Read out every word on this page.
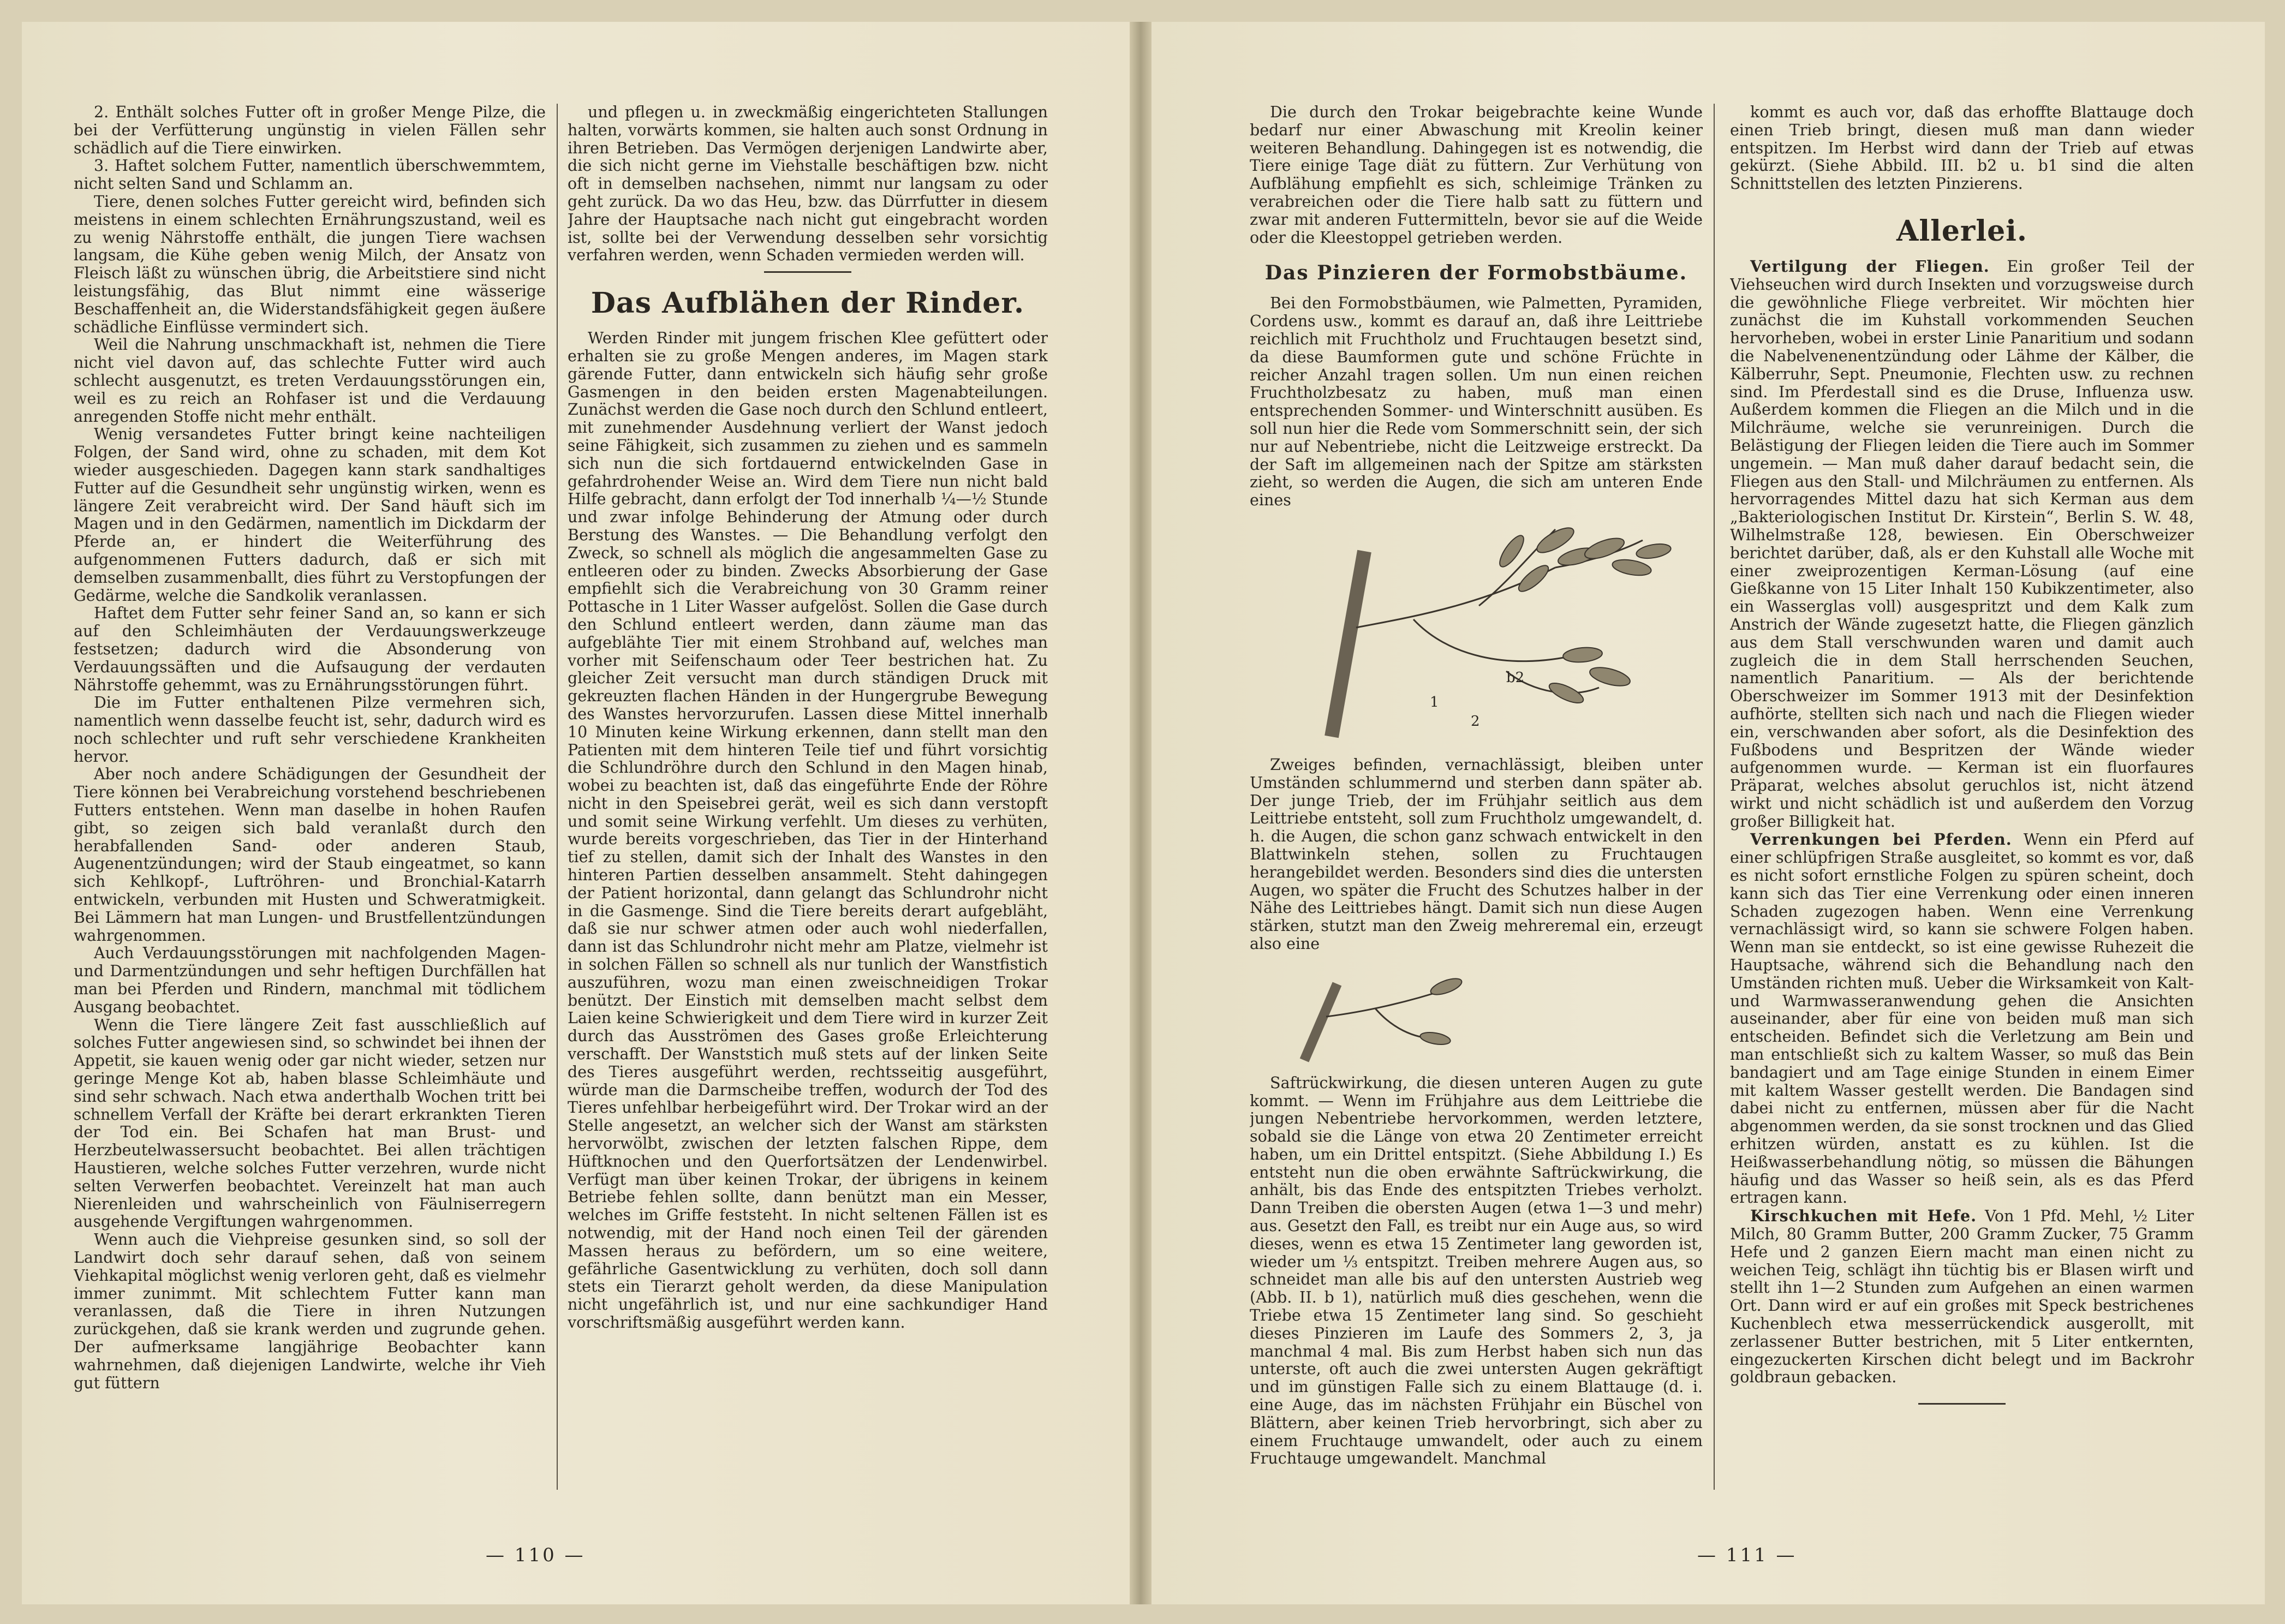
2. Enthält solches Futter oft in großer Menge Pilze, die bei der Verfütterung ungünstig in vielen Fällen sehr schädlich auf die Tiere einwirken.

3. Haftet solchem Futter, namentlich überschwemmtem, nicht selten Sand und Schlamm an.

Tiere, denen solches Futter gereicht wird, befinden sich meistens in einem schlechten Ernährungszustand, weil es zu wenig Nährstoffe enthält, die jungen Tiere wachsen langsam, die Kühe geben wenig Milch, der Ansatz von Fleisch läßt zu wünschen übrig, die Arbeitstiere sind nicht leistungsfähig, das Blut nimmt eine wässerige Beschaffenheit an, die Widerstandsfähigkeit gegen äußere schädliche Einflüsse vermindert sich.

Weil die Nahrung unschmackhaft ist, nehmen die Tiere nicht viel davon auf, das schlechte Futter wird auch schlecht ausgenutzt, es treten Verdauungsstörungen ein, weil es zu reich an Rohfaser ist und die Verdauung anregenden Stoffe nicht mehr enthält.

Wenig versandetes Futter bringt keine nachteiligen Folgen, der Sand wird, ohne zu schaden, mit dem Kot wieder ausgeschieden. Dagegen kann stark sandhaltiges Futter auf die Gesundheit sehr ungünstig wirken, wenn es längere Zeit verabreicht wird. Der Sand häuft sich im Magen und in den Gedärmen, namentlich im Dickdarm der Pferde an, er hindert die Weiterführung des aufgenommenen Futters dadurch, daß er sich mit demselben zusammenballt, dies führt zu Verstopfungen der Gedärme, welche die Sandkolik veranlassen.

Haftet dem Futter sehr feiner Sand an, so kann er sich auf den Schleimhäuten der Verdauungswerkzeuge festsetzen; dadurch wird die Absonderung von Verdauungssäften und die Aufsaugung der verdauten Nährstoffe gehemmt, was zu Ernährungsstörungen führt.

Die im Futter enthaltenen Pilze vermehren sich, namentlich wenn dasselbe feucht ist, sehr, dadurch wird es noch schlechter und ruft sehr verschiedene Krankheiten hervor.

Aber noch andere Schädigungen der Gesundheit der Tiere können bei Verabreichung vorstehend beschriebenen Futters entstehen. Wenn man daselbe in hohen Raufen gibt, so zeigen sich bald veranlaßt durch den herabfallenden Sand- oder anderen Staub, Augenentzündungen; wird der Staub eingeatmet, so kann sich Kehlkopf-, Luftröhren- und Bronchial-Katarrh entwickeln, verbunden mit Husten und Schweratmigkeit. Bei Lämmern hat man Lungen- und Brustfellentzündungen wahrgenommen.

Auch Verdauungsstörungen mit nachfolgenden Magen- und Darmentzündungen und sehr heftigen Durchfällen hat man bei Pferden und Rindern, manchmal mit tödlichem Ausgang beobachtet.

Wenn die Tiere längere Zeit fast ausschließlich auf solches Futter angewiesen sind, so schwindet bei ihnen der Appetit, sie kauen wenig oder gar nicht wieder, setzen nur geringe Menge Kot ab, haben blasse Schleimhäute und sind sehr schwach. Nach etwa anderthalb Wochen tritt bei schnellem Verfall der Kräfte bei derart erkrankten Tieren der Tod ein. Bei Schafen hat man Brust- und Herzbeutelwassersucht beobachtet. Bei allen trächtigen Haustieren, welche solches Futter verzehren, wurde nicht selten Verwerfen beobachtet. Vereinzelt hat man auch Nierenleiden und wahrscheinlich von Fäulniserregern ausgehende Vergiftungen wahrgenommen.

Wenn auch die Viehpreise gesunken sind, so soll der Landwirt doch sehr darauf sehen, daß von seinem Viehkapital möglichst wenig verloren geht, daß es vielmehr immer zunimmt. Mit schlechtem Futter kann man veranlassen, daß die Tiere in ihren Nutzungen zurückgehen, daß sie krank werden und zugrunde gehen. Der aufmerksame langjährige Beobachter kann wahrnehmen, daß diejenigen Landwirte, welche ihr Vieh gut füttern

und pflegen u. in zweckmäßig eingerichteten Stallungen halten, vorwärts kommen, sie halten auch sonst Ordnung in ihren Betrieben. Das Vermögen derjenigen Landwirte aber, die sich nicht gerne im Viehstalle beschäftigen bzw. nicht oft in demselben nachsehen, nimmt nur langsam zu oder geht zurück. Da wo das Heu, bzw. das Dürrfutter in diesem Jahre der Hauptsache nach nicht gut eingebracht worden ist, sollte bei der Verwendung desselben sehr vorsichtig verfahren werden, wenn Schaden vermieden werden will.

Das Aufblähen der Rinder.

Werden Rinder mit jungem frischen Klee gefüttert oder erhalten sie zu große Mengen anderes, im Magen stark gärende Futter, dann entwickeln sich häufig sehr große Gasmengen in den beiden ersten Magenabteilungen. Zunächst werden die Gase noch durch den Schlund entleert, mit zunehmender Ausdehnung verliert der Wanst jedoch seine Fähigkeit, sich zusammen zu ziehen und es sammeln sich nun die sich fortdauernd entwickelnden Gase in gefahrdrohender Weise an. Wird dem Tiere nun nicht bald Hilfe gebracht, dann erfolgt der Tod innerhalb ¼—½ Stunde und zwar infolge Behinderung der Atmung oder durch Berstung des Wanstes. — Die Behandlung verfolgt den Zweck, so schnell als möglich die angesammelten Gase zu entleeren oder zu binden. Zwecks Absorbierung der Gase empfiehlt sich die Verabreichung von 30 Gramm reiner Pottasche in 1 Liter Wasser aufgelöst. Sollen die Gase durch den Schlund entleert werden, dann zäume man das aufgeblähte Tier mit einem Strohband auf, welches man vorher mit Seifenschaum oder Teer bestrichen hat. Zu gleicher Zeit versucht man durch ständigen Druck mit gekreuzten flachen Händen in der Hungergrube Bewegung des Wanstes hervorzurufen. Lassen diese Mittel innerhalb 10 Minuten keine Wirkung erkennen, dann stellt man den Patienten mit dem hinteren Teile tief und führt vorsichtig die Schlundröhre durch den Schlund in den Magen hinab, wobei zu beachten ist, daß das eingeführte Ende der Röhre nicht in den Speisebrei gerät, weil es sich dann verstopft und somit seine Wirkung verfehlt. Um dieses zu verhüten, wurde bereits vorgeschrieben, das Tier in der Hinterhand tief zu stellen, damit sich der Inhalt des Wanstes in den hinteren Partien desselben ansammelt. Steht dahingegen der Patient horizontal, dann gelangt das Schlundrohr nicht in die Gasmenge. Sind die Tiere bereits derart aufgebläht, daß sie nur schwer atmen oder auch wohl niederfallen, dann ist das Schlundrohr nicht mehr am Platze, vielmehr ist in solchen Fällen so schnell als nur tunlich der Wanstfistich auszuführen, wozu man einen zweischneidigen Trokar benützt. Der Einstich mit demselben macht selbst dem Laien keine Schwierigkeit und dem Tiere wird in kurzer Zeit durch das Ausströmen des Gases große Erleichterung verschafft. Der Wanststich muß stets auf der linken Seite des Tieres ausgeführt werden, rechtsseitig ausgeführt, würde man die Darmscheibe treffen, wodurch der Tod des Tieres unfehlbar herbeigeführt wird. Der Trokar wird an der Stelle angesetzt, an welcher sich der Wanst am stärksten hervorwölbt, zwischen der letzten falschen Rippe, dem Hüftknochen und den Querfortsätzen der Lendenwirbel. Verfügt man über keinen Trokar, der übrigens in keinem Betriebe fehlen sollte, dann benützt man ein Messer, welches im Griffe feststeht. In nicht seltenen Fällen ist es notwendig, mit der Hand noch einen Teil der gärenden Massen heraus zu befördern, um so eine weitere, gefährliche Gasentwicklung zu verhüten, doch soll dann stets ein Tierarzt geholt werden, da diese Manipulation nicht ungefährlich ist, und nur eine sachkundiger Hand vorschriftsmäßig ausgeführt werden kann.

— 110 —

Die durch den Trokar beigebrachte keine Wunde bedarf nur einer Abwaschung mit Kreolin keiner weiteren Behandlung. Dahingegen ist es notwendig, die Tiere einige Tage diät zu füttern. Zur Verhütung von Aufblähung empfiehlt es sich, schleimige Tränken zu verabreichen oder die Tiere halb satt zu füttern und zwar mit anderen Futtermitteln, bevor sie auf die Weide oder die Kleestoppel getrieben werden.

Das Pinzieren der Formobstbäume.

Bei den Formobstbäumen, wie Palmetten, Pyramiden, Cordens usw., kommt es darauf an, daß ihre Leittriebe reichlich mit Fruchtholz und Fruchtaugen besetzt sind, da diese Baumformen gute und schöne Früchte in reicher Anzahl tragen sollen. Um nun einen reichen Fruchtholzbesatz zu haben, muß man einen entsprechenden Sommer- und Winterschnitt ausüben. Es soll nun hier die Rede vom Sommerschnitt sein, der sich nur auf Nebentriebe, nicht die Leitzweige erstreckt. Da der Saft im allgemeinen nach der Spitze am stärksten zieht, so werden die Augen, die sich am unteren Ende eines

b2
1
2

Zweiges befinden, vernachlässigt, bleiben unter Umständen schlummernd und sterben dann später ab. Der junge Trieb, der im Frühjahr seitlich aus dem Leittriebe entsteht, soll zum Fruchtholz umgewandelt, d. h. die Augen, die schon ganz schwach entwickelt in den Blattwinkeln stehen, sollen zu Fruchtaugen herangebildet werden. Besonders sind dies die untersten Augen, wo später die Frucht des Schutzes halber in der Nähe des Leittriebes hängt. Damit sich nun diese Augen stärken, stutzt man den Zweig mehreremal ein, erzeugt also eine

Saftrückwirkung, die diesen unteren Augen zu gute kommt. — Wenn im Frühjahre aus dem Leittriebe die jungen Nebentriebe hervorkommen, werden letztere, sobald sie die Länge von etwa 20 Zentimeter erreicht haben, um ein Drittel entspitzt. (Siehe Abbildung I.) Es entsteht nun die oben erwähnte Saftrückwirkung, die anhält, bis das Ende des entspitzten Triebes verholzt. Dann Treiben die obersten Augen (etwa 1—3 und mehr) aus. Gesetzt den Fall, es treibt nur ein Auge aus, so wird dieses, wenn es etwa 15 Zentimeter lang geworden ist, wieder um ⅓ entspitzt. Treiben mehrere Augen aus, so schneidet man alle bis auf den untersten Austrieb weg (Abb. II. b 1), natürlich muß dies geschehen, wenn die Triebe etwa 15 Zentimeter lang sind. So geschieht dieses Pinzieren im Laufe des Sommers 2, 3, ja manchmal 4 mal. Bis zum Herbst haben sich nun das unterste, oft auch die zwei untersten Augen gekräftigt und im günstigen Falle sich zu einem Blattauge (d. i. eine Auge, das im nächsten Frühjahr ein Büschel von Blättern, aber keinen Trieb hervorbringt, sich aber zu einem Fruchtauge umwandelt, oder auch zu einem Fruchtauge umgewandelt. Manchmal

kommt es auch vor, daß das erhoffte Blattauge doch einen Trieb bringt, diesen muß man dann wieder entspitzen. Im Herbst wird dann der Trieb auf etwas gekürzt. (Siehe Abbild. III. b2 u. b1 sind die alten Schnittstellen des letzten Pinzierens.

Allerlei.

Vertilgung der Fliegen. Ein großer Teil der Viehseuchen wird durch Insekten und vorzugsweise durch die gewöhnliche Fliege verbreitet. Wir möchten hier zunächst die im Kuhstall vorkommenden Seuchen hervorheben, wobei in erster Linie Panaritium und sodann die Nabelvenenentzündung oder Lähme der Kälber, die Kälberruhr, Sept. Pneumonie, Flechten usw. zu rechnen sind. Im Pferdestall sind es die Druse, Influenza usw. Außerdem kommen die Fliegen an die Milch und in die Milchräume, welche sie verunreinigen. Durch die Belästigung der Fliegen leiden die Tiere auch im Sommer ungemein. — Man muß daher darauf bedacht sein, die Fliegen aus den Stall- und Milchräumen zu entfernen. Als hervorragendes Mittel dazu hat sich Kerman aus dem „Bakteriologischen Institut Dr. Kirstein“, Berlin S. W. 48, Wilhelmstraße 128, bewiesen. Ein Oberschweizer berichtet darüber, daß, als er den Kuhstall alle Woche mit einer zweiprozentigen Kerman-Lösung (auf eine Gießkanne von 15 Liter Inhalt 150 Kubikzentimeter, also ein Wasserglas voll) ausgespritzt und dem Kalk zum Anstrich der Wände zugesetzt hatte, die Fliegen gänzlich aus dem Stall verschwunden waren und damit auch zugleich die in dem Stall herrschenden Seuchen, namentlich Panaritium. — Als der berichtende Oberschweizer im Sommer 1913 mit der Desinfektion aufhörte, stellten sich nach und nach die Fliegen wieder ein, verschwanden aber sofort, als die Desinfektion des Fußbodens und Bespritzen der Wände wieder aufgenommen wurde. — Kerman ist ein fluorfaures Präparat, welches absolut geruchlos ist, nicht ätzend wirkt und nicht schädlich ist und außerdem den Vorzug großer Billigkeit hat.

Verrenkungen bei Pferden. Wenn ein Pferd auf einer schlüpfrigen Straße ausgleitet, so kommt es vor, daß es nicht sofort ernstliche Folgen zu spüren scheint, doch kann sich das Tier eine Verrenkung oder einen inneren Schaden zugezogen haben. Wenn eine Verrenkung vernachlässigt wird, so kann sie schwere Folgen haben. Wenn man sie entdeckt, so ist eine gewisse Ruhezeit die Hauptsache, während sich die Behandlung nach den Umständen richten muß. Ueber die Wirksamkeit von Kalt- und Warmwasseranwendung gehen die Ansichten auseinander, aber für eine von beiden muß man sich entscheiden. Befindet sich die Verletzung am Bein und man entschließt sich zu kaltem Wasser, so muß das Bein bandagiert und am Tage einige Stunden in einem Eimer mit kaltem Wasser gestellt werden. Die Bandagen sind dabei nicht zu entfernen, müssen aber für die Nacht abgenommen werden, da sie sonst trocknen und das Glied erhitzen würden, anstatt es zu kühlen. Ist die Heißwasserbehandlung nötig, so müssen die Bähungen häufig und das Wasser so heiß sein, als es das Pferd ertragen kann.

Kirschkuchen mit Hefe. Von 1 Pfd. Mehl, ½ Liter Milch, 80 Gramm Butter, 200 Gramm Zucker, 75 Gramm Hefe und 2 ganzen Eiern macht man einen nicht zu weichen Teig, schlägt ihn tüchtig bis er Blasen wirft und stellt ihn 1—2 Stunden zum Aufgehen an einen warmen Ort. Dann wird er auf ein großes mit Speck bestrichenes Kuchenblech etwa messerrückendick ausgerollt, mit zerlassener Butter bestrichen, mit 5 Liter entkernten, eingezuckerten Kirschen dicht belegt und im Backrohr goldbraun gebacken.

— 111 —
